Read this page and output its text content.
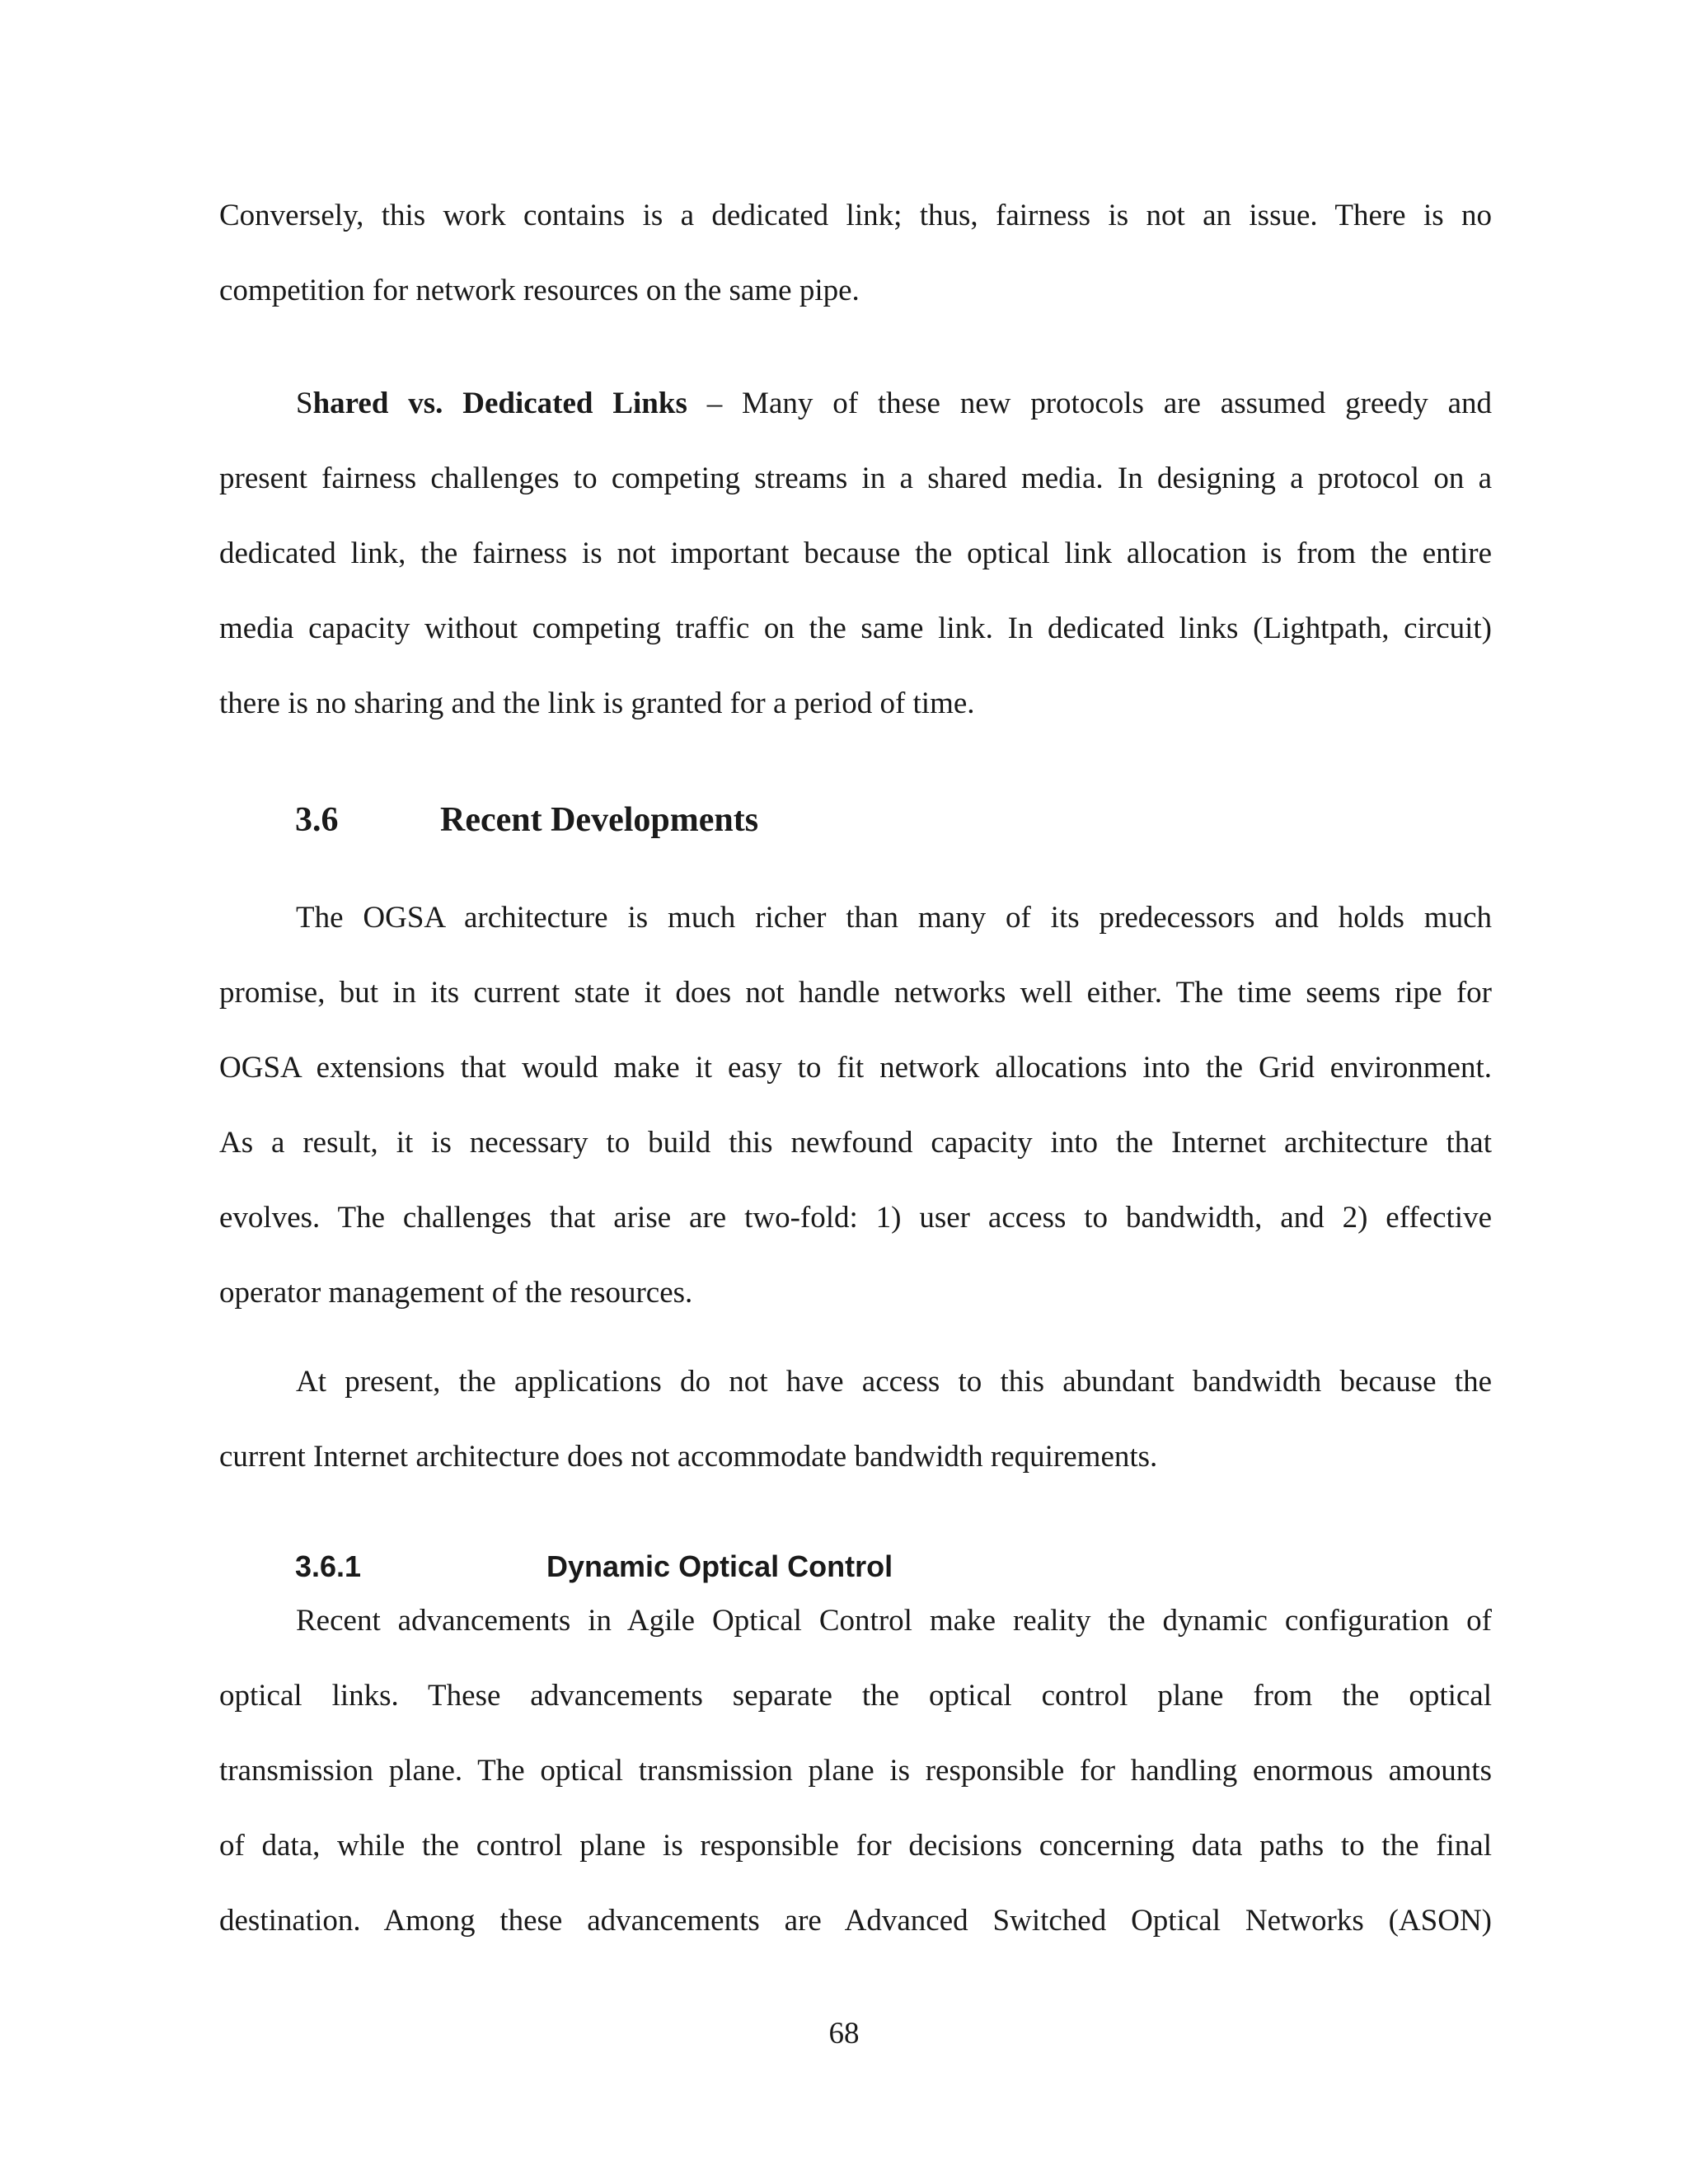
Conversely, this work contains is a dedicated link; thus, fairness is not an issue. There is no
competition for network resources on the same pipe.
Shared vs. Dedicated Links – Many of these new protocols are assumed greedy and
present fairness challenges to competing streams in a shared media. In designing a protocol on a
dedicated link, the fairness is not important because the optical link allocation is from the entire
media capacity without competing traffic on the same link. In dedicated links (Lightpath, circuit)
there is no sharing and the link is granted for a period of time.
3.6	Recent Developments
The OGSA architecture is much richer than many of its predecessors and holds much
promise, but in its current state it does not handle networks well either. The time seems ripe for
OGSA extensions that would make it easy to fit network allocations into the Grid environment.
As a result, it is necessary to build this newfound capacity into the Internet architecture that
evolves. The challenges that arise are two-fold: 1) user access to bandwidth, and 2) effective
operator management of the resources.
At present, the applications do not have access to this abundant bandwidth because the
current Internet architecture does not accommodate bandwidth requirements.
3.6.1	Dynamic Optical Control
Recent advancements in Agile Optical Control make reality the dynamic configuration of
optical links. These advancements separate the optical control plane from the optical
transmission plane. The optical transmission plane is responsible for handling enormous amounts
of data, while the control plane is responsible for decisions concerning data paths to the final
destination. Among these advancements are Advanced Switched Optical Networks (ASON)
68
